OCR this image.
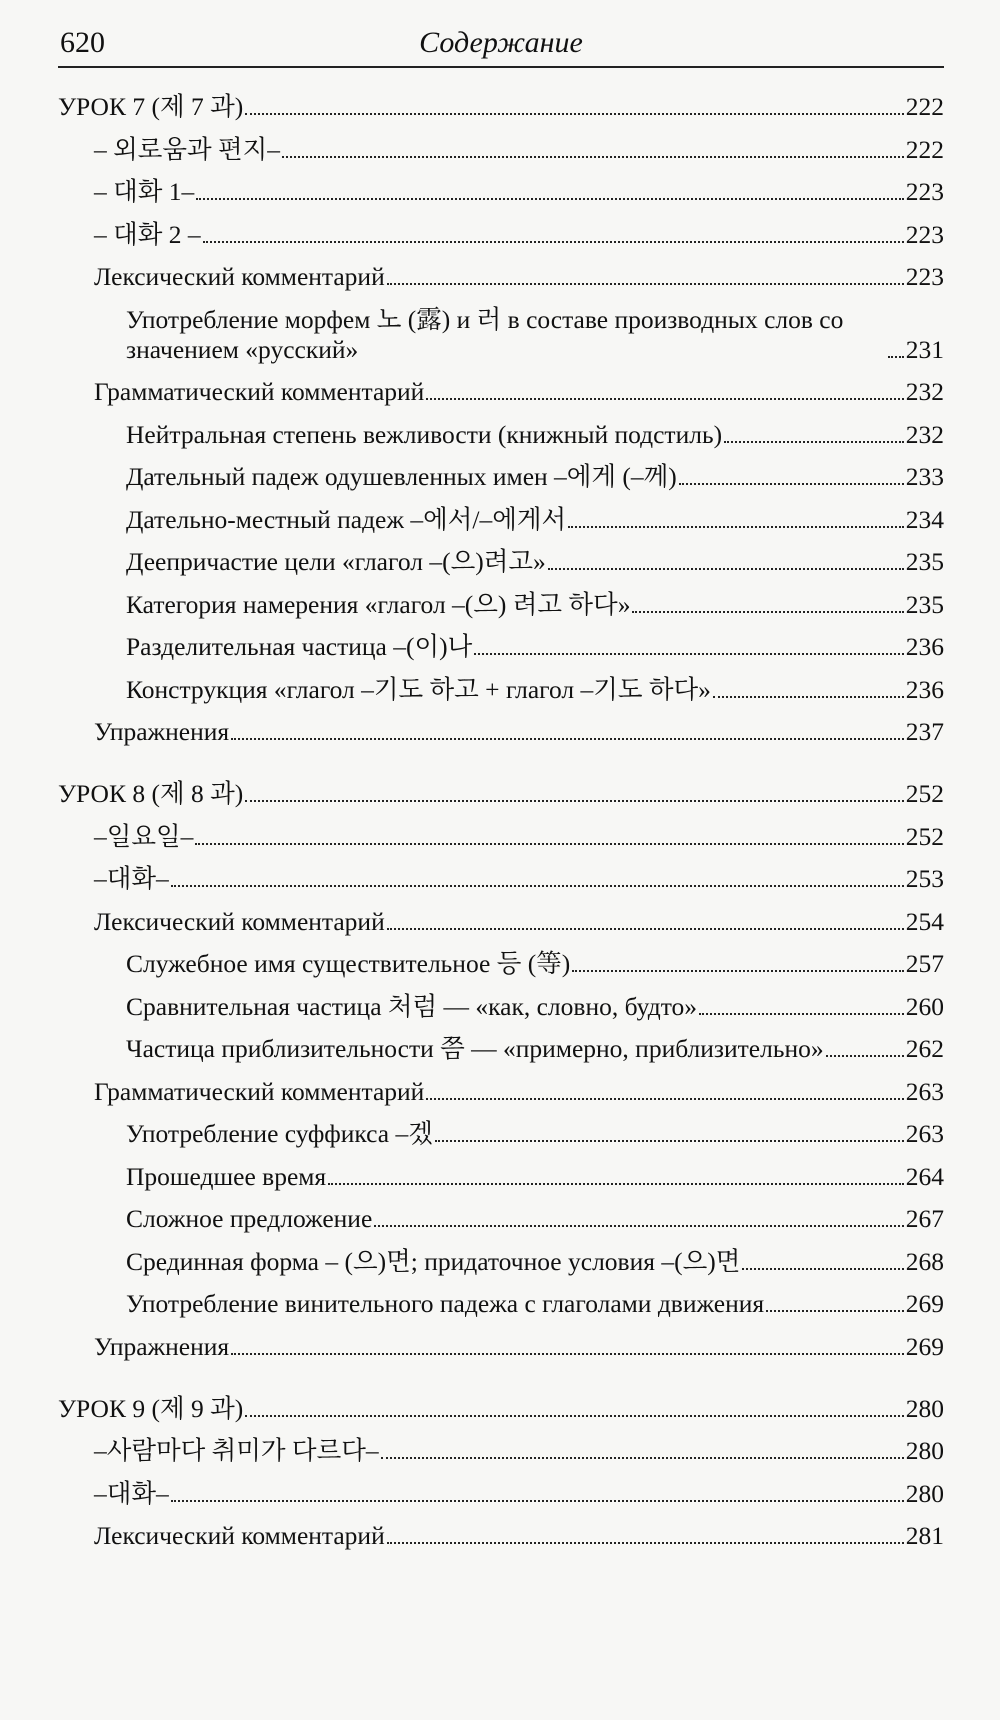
620	Содержание
УРОК 7 (제 7 과)	222
– 외로움과 편지–	222
– 대화 1–	223
– 대화 2 –	223
Лексический комментарий	223
Употребление морфем 노 (露) и 러 в составе производных слов со значением «русский»	231
Грамматический комментарий	232
Нейтральная степень вежливости (книжный подстиль)	232
Дательный падеж одушевленных имен –에게 (–께)	233
Дательно-местный падеж –에서/–에게서	234
Деепричастие цели «глагол –(으)려고»	235
Категория намерения «глагол –(으) 려고 하다»	235
Разделительная частица –(이)나	236
Конструкция «глагол –기도 하고 + глагол –기도 하다»	236
Упражнения	237
УРОК 8 (제 8 과)	252
–일요일–	252
–대화–	253
Лексический комментарий	254
Служебное имя существительное 등 (等)	257
Сравнительная частица 처럼 — «как, словно, будто»	260
Частица приблизительности 쯤 — «примерно, приблизительно»	262
Грамматический комментарий	263
Употребление суффикса –겠	263
Прошедшее время	264
Сложное предложение	267
Срединная форма – (으)면; придаточное условия –(으)면	268
Употребление винительного падежа с глаголами движения	269
Упражнения	269
УРОК 9 (제 9 과)	280
–사람마다 취미가 다르다–	280
–대화–	280
Лексический комментарий	281
